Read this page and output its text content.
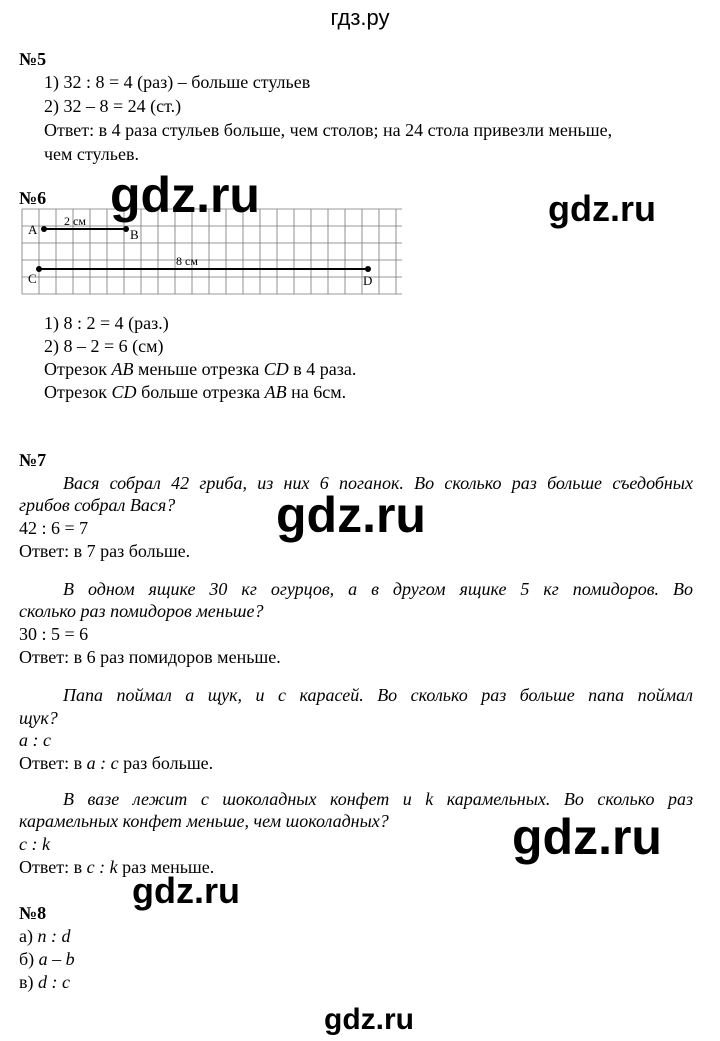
гдз.ру
№5
1) 32 : 8 = 4 (раз) – больше стульев
2) 32 – 8 = 24 (ст.)
Ответ: в 4 раза стульев больше, чем столов; на 24 стола привезли меньше,
чем стульев.
№6
A	B
C	D
2 см
8 см
1) 8 : 2 = 4 (раз.)
2) 8 – 2 = 6 (см)
Отрезок AB меньше отрезка CD в 4 раза.
Отрезок CD больше отрезка AB на 6см.
№7
Вася собрал 42 гриба, из них 6 поганок. Во сколько раз больше съедобных
грибов собрал Вася?
42 : 6 = 7
Ответ: в 7 раз больше.
В одном ящике 30 кг огурцов, а в другом ящике 5 кг помидоров. Во
сколько раз помидоров меньше?
30 : 5 = 6
Ответ: в 6 раз помидоров меньше.
Папа поймал а щук, и с карасей. Во сколько раз больше папа поймал
щук?
a : c
Ответ: в a : c раз больше.
В вазе лежит с шоколадных конфет и k карамельных. Во сколько раз
карамельных конфет меньше, чем шоколадных?
c : k
Ответ: в c : k раз меньше.
№8
а) n : d
б) a – b
в) d : c
gdz.ru	gdz.ru
gdz.ru
gdz.ru
gdz.ru
gdz.ru
